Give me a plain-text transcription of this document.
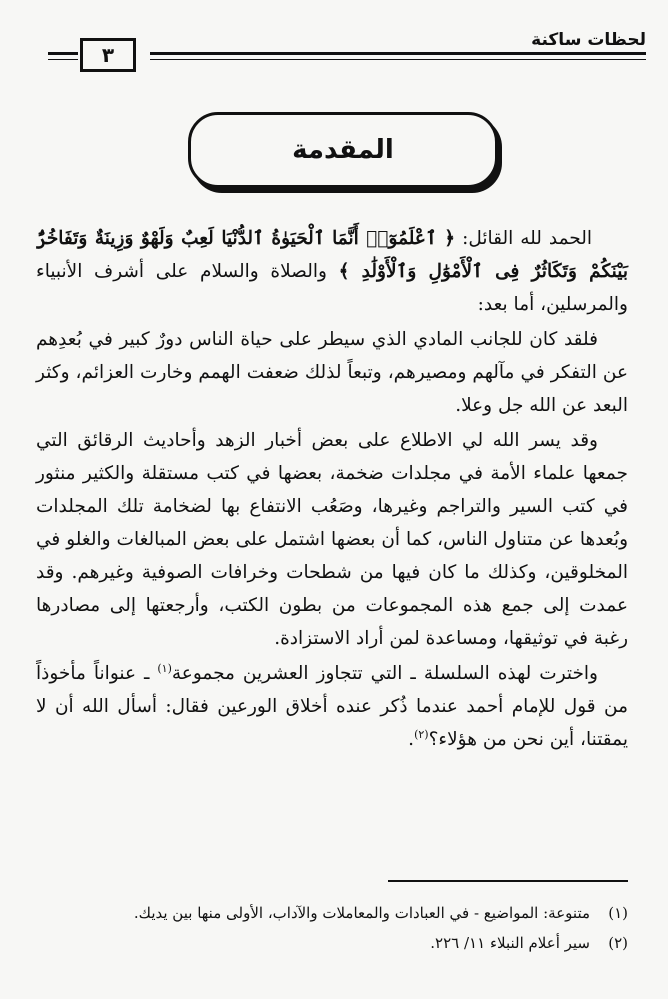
لحظات ساكنة
٣
المقدمة

الحمد لله القائل: ﴿ ٱعْلَمُوٓا۟ أَنَّمَا ٱلْحَيَوٰةُ ٱلدُّنْيَا لَعِبٌ وَلَهْوٌ وَزِينَةٌ وَتَفَاخُرٌۢ بَيْنَكُمْ وَتَكَاثُرٌ فِى ٱلْأَمْوَٰلِ وَٱلْأَوْلَٰدِ ﴾ والصلاة والسلام على أشرف الأنبياء والمرسلين، أما بعد:

فلقد كان للجانب المادي الذي سيطر على حياة الناس دورٌ كبير في بُعدِهم عن التفكر في مآلهم ومصيرهم، وتبعاً لذلك ضعفت الهمم وخارت العزائم، وكثر البعد عن الله جل وعلا.

وقد يسر الله لي الاطلاع على بعض أخبار الزهد وأحاديث الرقائق التي جمعها علماء الأمة في مجلدات ضخمة، بعضها في كتب مستقلة والكثير منثور في كتب السير والتراجم وغيرها، وصَعُب الانتفاع بها لضخامة تلك المجلدات وبُعدها عن متناول الناس، كما أن بعضها اشتمل على بعض المبالغات والغلو في المخلوقين، وكذلك ما كان فيها من شطحات وخرافات الصوفية وغيرهم. وقد عمدت إلى جمع هذه المجموعات من بطون الكتب، وأرجعتها إلى مصادرها رغبة في توثيقها، ومساعدة لمن أراد الاستزادة.

واخترت لهذه السلسلة ـ التي تتجاوز العشرين مجموعة$^{(١)}$ ـ عنواناً مأخوذاً من قول للإمام أحمد عندما ذُكر عنده أخلاق الورعين فقال: أسأل الله أن لا يمقتنا، أين نحن من هؤلاء؟$^{(٢)}$.

(١)
متنوعة: المواضيع - في العبادات والمعاملات والآداب، الأولى منها بين يديك.
(٢)
سير أعلام النبلاء ١١/ ٢٢٦.
